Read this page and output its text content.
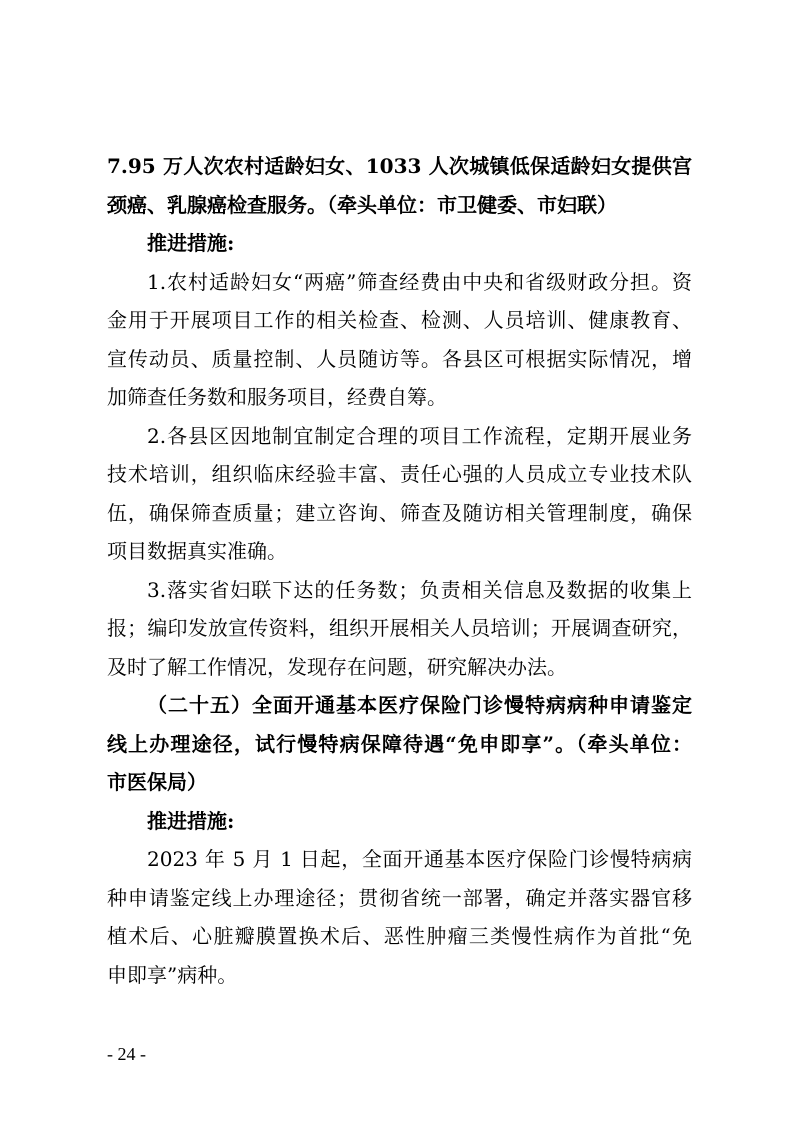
7.95 万人次农村适龄妇女、1033 人次城镇低保适龄妇女提供宫
颈癌、乳腺癌检查服务。（牵头单位：市卫健委、市妇联）
推进措施:
1.农村适龄妇女“两癌”筛查经费由中央和省级财政分担。资
金用于开展项目工作的相关检查、检测、人员培训、健康教育、
宣传动员、质量控制、人员随访等。各县区可根据实际情况，增
加筛查任务数和服务项目，经费自筹。
2.各县区因地制宜制定合理的项目工作流程，定期开展业务
技术培训，组织临床经验丰富、责任心强的人员成立专业技术队
伍，确保筛查质量；建立咨询、筛查及随访相关管理制度，确保
项目数据真实准确。
3.落实省妇联下达的任务数；负责相关信息及数据的收集上
报；编印发放宣传资料，组织开展相关人员培训；开展调查研究，
及时了解工作情况，发现存在问题，研究解决办法。
（二十五）全面开通基本医疗保险门诊慢特病病种申请鉴定
线上办理途径，试行慢特病保障待遇“免申即享”。（牵头单位：
市医保局）
推进措施:
2023 年 5 月 1 日起，全面开通基本医疗保险门诊慢特病病
种申请鉴定线上办理途径；贯彻省统一部署，确定并落实器官移
植术后、心脏瓣膜置换术后、恶性肿瘤三类慢性病作为首批“免
申即享”病种。
- 24 -
